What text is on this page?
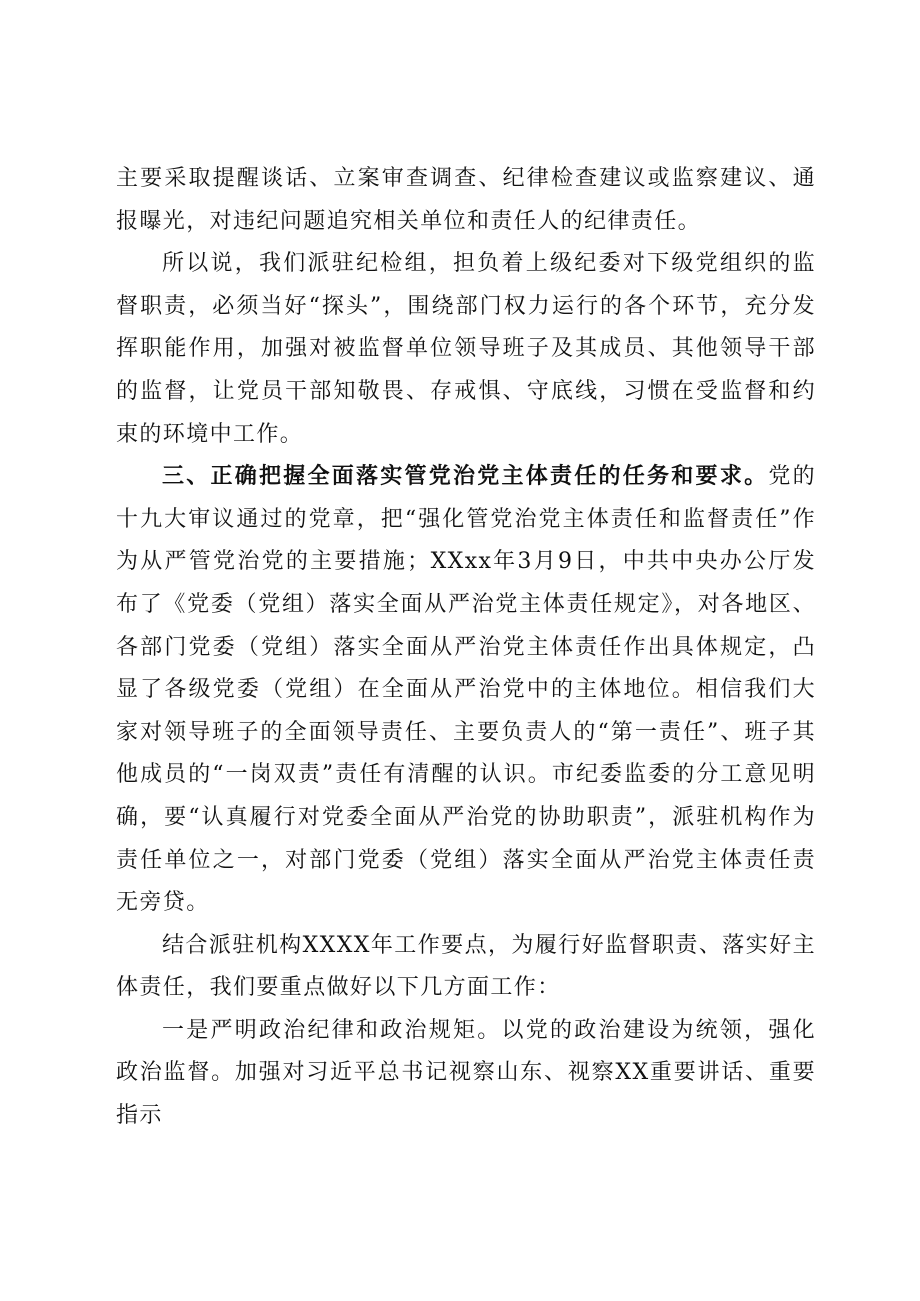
主要采取提醒谈话、立案审查调查、纪律检查建议或监察建议、通报曝光，对违纪问题追究相关单位和责任人的纪律责任。

所以说，我们派驻纪检组，担负着上级纪委对下级党组织的监督职责，必须当好“探头”，围绕部门权力运行的各个环节，充分发挥职能作用，加强对被监督单位领导班子及其成员、其他领导干部的监督，让党员干部知敬畏、存戒惧、守底线，习惯在受监督和约束的环境中工作。

三、正确把握全面落实管党治党主体责任的任务和要求。党的十九大审议通过的党章，把“强化管党治党主体责任和监督责任”作为从严管党治党的主要措施；XXxx年3月9日，中共中央办公厅发布了《党委（党组）落实全面从严治党主体责任规定》，对各地区、各部门党委（党组）落实全面从严治党主体责任作出具体规定，凸显了各级党委（党组）在全面从严治党中的主体地位。相信我们大家对领导班子的全面领导责任、主要负责人的“第一责任”、班子其他成员的“一岗双责”责任有清醒的认识。市纪委监委的分工意见明确，要“认真履行对党委全面从严治党的协助职责”，派驻机构作为责任单位之一，对部门党委（党组）落实全面从严治党主体责任责无旁贷。

结合派驻机构XXXX年工作要点，为履行好监督职责、落实好主体责任，我们要重点做好以下几方面工作：

一是严明政治纪律和政治规矩。以党的政治建设为统领，强化政治监督。加强对习近平总书记视察山东、视察XX重要讲话、重要指示
